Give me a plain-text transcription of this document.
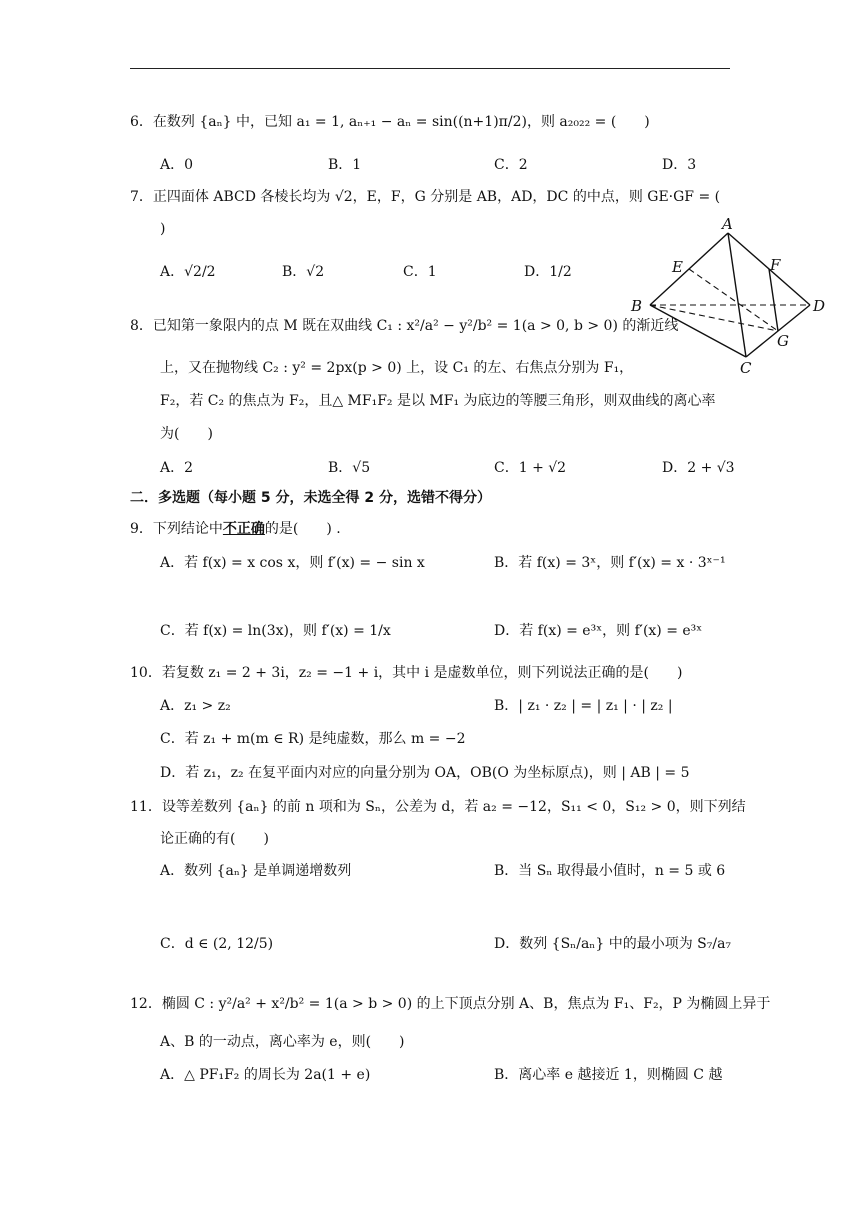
6．在数列 {aₙ} 中，已知 a₁ = 1, aₙ₊₁ − aₙ = sin((n+1)π/2)，则 a₂₀₂₂ = (　　)
A．0	B．1	C．2	D．3
7．正四面体 ABCD 各棱长均为 √2，E，F，G 分别是 AB，AD，DC 的中点，则 GE·GF = (
)
A．√2/2	B．√2	C．1	D．1/2
A
E	F
B	D
G
C
8．已知第一象限内的点 M 既在双曲线 C₁ : x²/a² − y²/b² = 1(a > 0, b > 0) 的渐近线
上，又在抛物线 C₂ : y² = 2px(p > 0) 上，设 C₁ 的左、右焦点分别为 F₁，
F₂，若 C₂ 的焦点为 F₂，且△ MF₁F₂ 是以 MF₁ 为底边的等腰三角形，则双曲线的离心率
为(　　)
A．2	B．√5	C．1 + √2	D．2 + √3
二．多选题（每小题 5 分，未选全得 2 分，选错不得分）
9．下列结论中不正确的是(　　) .
A．若 f(x) = x cos x，则 f′(x) = − sin x	B．若 f(x) = 3ˣ，则 f′(x) = x · 3ˣ⁻¹
C．若 f(x) = ln(3x)，则 f′(x) = 1/x	D．若 f(x) = e³ˣ，则 f′(x) = e³ˣ
10．若复数 z₁ = 2 + 3i，z₂ = −1 + i，其中 i 是虚数单位，则下列说法正确的是(　　)
A．z₁ > z₂	B．| z₁ · z₂ | = | z₁ | · | z₂ |
C．若 z₁ + m(m ∈ R) 是纯虚数，那么 m = −2
D．若 z₁，z₂ 在复平面内对应的向量分别为 OA，OB(O 为坐标原点)，则 | AB | = 5
11．设等差数列 {aₙ} 的前 n 项和为 Sₙ，公差为 d，若 a₂ = −12，S₁₁ < 0，S₁₂ > 0，则下列结
论正确的有(　　)
A．数列 {aₙ} 是单调递增数列	B．当 Sₙ 取得最小值时，n = 5 或 6
C．d ∈ (2, 12/5)	D．数列 {Sₙ/aₙ} 中的最小项为 S₇/a₇
12．椭圆 C : y²/a² + x²/b² = 1(a > b > 0) 的上下顶点分别 A、B，焦点为 F₁、F₂，P 为椭圆上异于
A、B 的一动点，离心率为 e，则(　　)
A．△ PF₁F₂ 的周长为 2a(1 + e)	B．离心率 e 越接近 1，则椭圆 C 越
